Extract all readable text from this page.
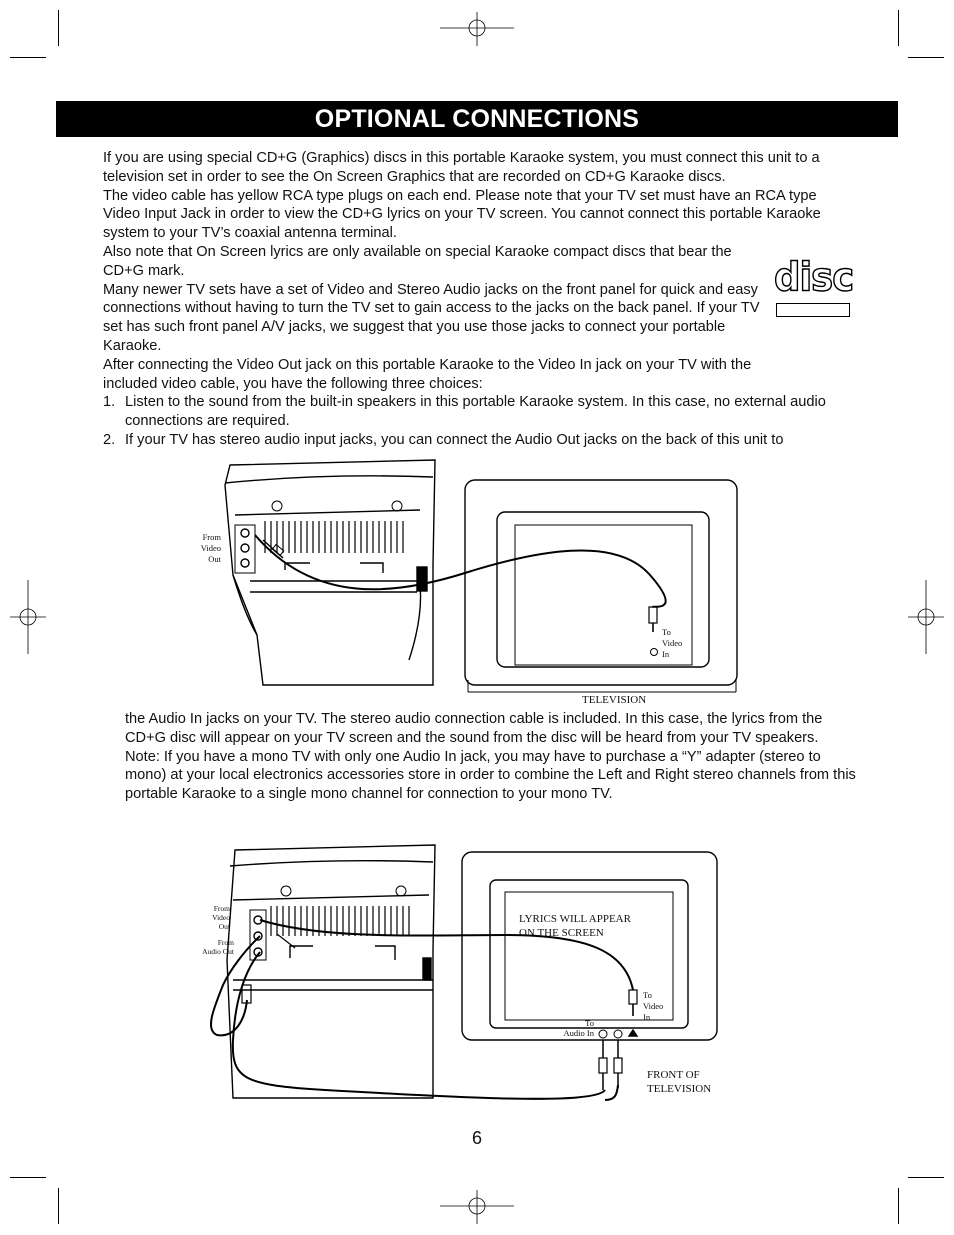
OPTIONAL CONNECTIONS

If you are using special CD+G (Graphics) discs in this portable Karaoke system, you must connect this unit to a television set in order to see the On Screen Graphics that are recorded on CD+G Karaoke discs.

The video cable has yellow RCA type plugs on each end. Please note that your TV set must have an RCA type Video Input Jack in order to view the CD+G lyrics on your TV screen. You cannot connect this portable Karaoke system to your TV’s coaxial antenna terminal.

Also note that On Screen lyrics are only available on special Karaoke compact discs that bear the CD+G mark.

Many newer TV sets have a set of Video and Stereo Audio jacks on the front panel for quick and easy connections without having to turn the TV set to gain access to the jacks on the back panel. If your TV set has such front panel A/V jacks, we suggest that you use those jacks to connect your portable Karaoke.

After connecting the Video Out jack on this portable Karaoke to the Video In jack on your TV with the included video cable, you have the following three choices:

1. Listen to the sound from the built-in speakers in this portable Karaoke system. In this case, no external audio connections are required.
2. If your TV has stereo audio input jacks, you can connect the Audio Out jacks on the back of this unit to
disc
From
Video
Out
To
Video
In
TELEVISION

the Audio In jacks on your TV. The stereo audio connection cable is included. In this case, the lyrics from the CD+G disc will appear on your TV screen and the sound from the disc will be heard from your TV speakers.

Note: If you have a mono TV with only one Audio In jack, you may have to purchase a “Y” adapter (stereo to mono) at your local electronics accessories store in order to combine the Left and Right stereo channels from this portable Karaoke to a single mono channel for connection to your mono TV.

From
Video
Out
From
Audio Out
LYRICS WILL APPEAR
ON THE SCREEN
To
Video
In
To
Audio In
FRONT OF
TELEVISION
6
